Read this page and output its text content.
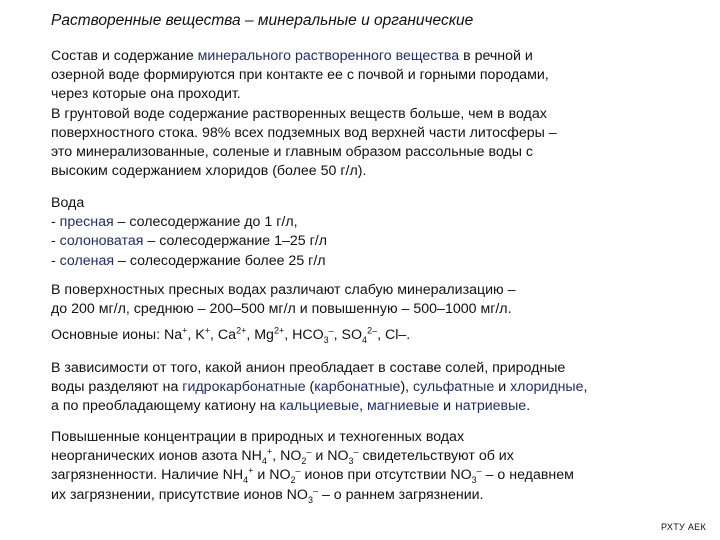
Растворенные вещества – минеральные и органические
Состав и содержание минерального растворенного вещества в речной и
озерной воде формируются при контакте ее с почвой и горными породами,
через которые она проходит.
В грунтовой воде содержание растворенных веществ больше, чем в водах
поверхностного стока. 98% всех подземных вод верхней части литосферы –
это минерализованные, соленые и главным образом рассольные воды с
высоким содержанием хлоридов (более 50 г/л).
Вода
- пресная – солесодержание до 1 г/л,
- солоноватая – солесодержание 1–25 г/л
- соленая – солесодержание более 25 г/л
В поверхностных пресных водах различают слабую минерализацию –
до 200 мг/л, среднюю – 200–500 мг/л и повышенную – 500–1000 мг/л.
Основные ионы: Na+, K+, $Ca^{2+}$, $Mg^{2+}$, $HCO_3^-$, $SO_4^{2-}$, Cl–.
В зависимости от того, какой анион преобладает в составе солей, природные
воды разделяют на гидрокарбонатные (карбонатные), сульфатные и хлоридные,
а по преобладающему катиону на кальциевые, магниевые и натриевые.
Повышенные концентрации в природных и техногенных водах
неорганических ионов азота $NH_4^+$, $NO_2^-$ и $NO_3^-$ свидетельствуют об их
загрязненности. Наличие $NH_4^+$ и $NO_2^-$ ионов при отсутствии $NO_3^-$ – о недавнем
их загрязнении, присутствие ионов $NO_3^-$ – о раннем загрязнении.
РХТУ АЕК
